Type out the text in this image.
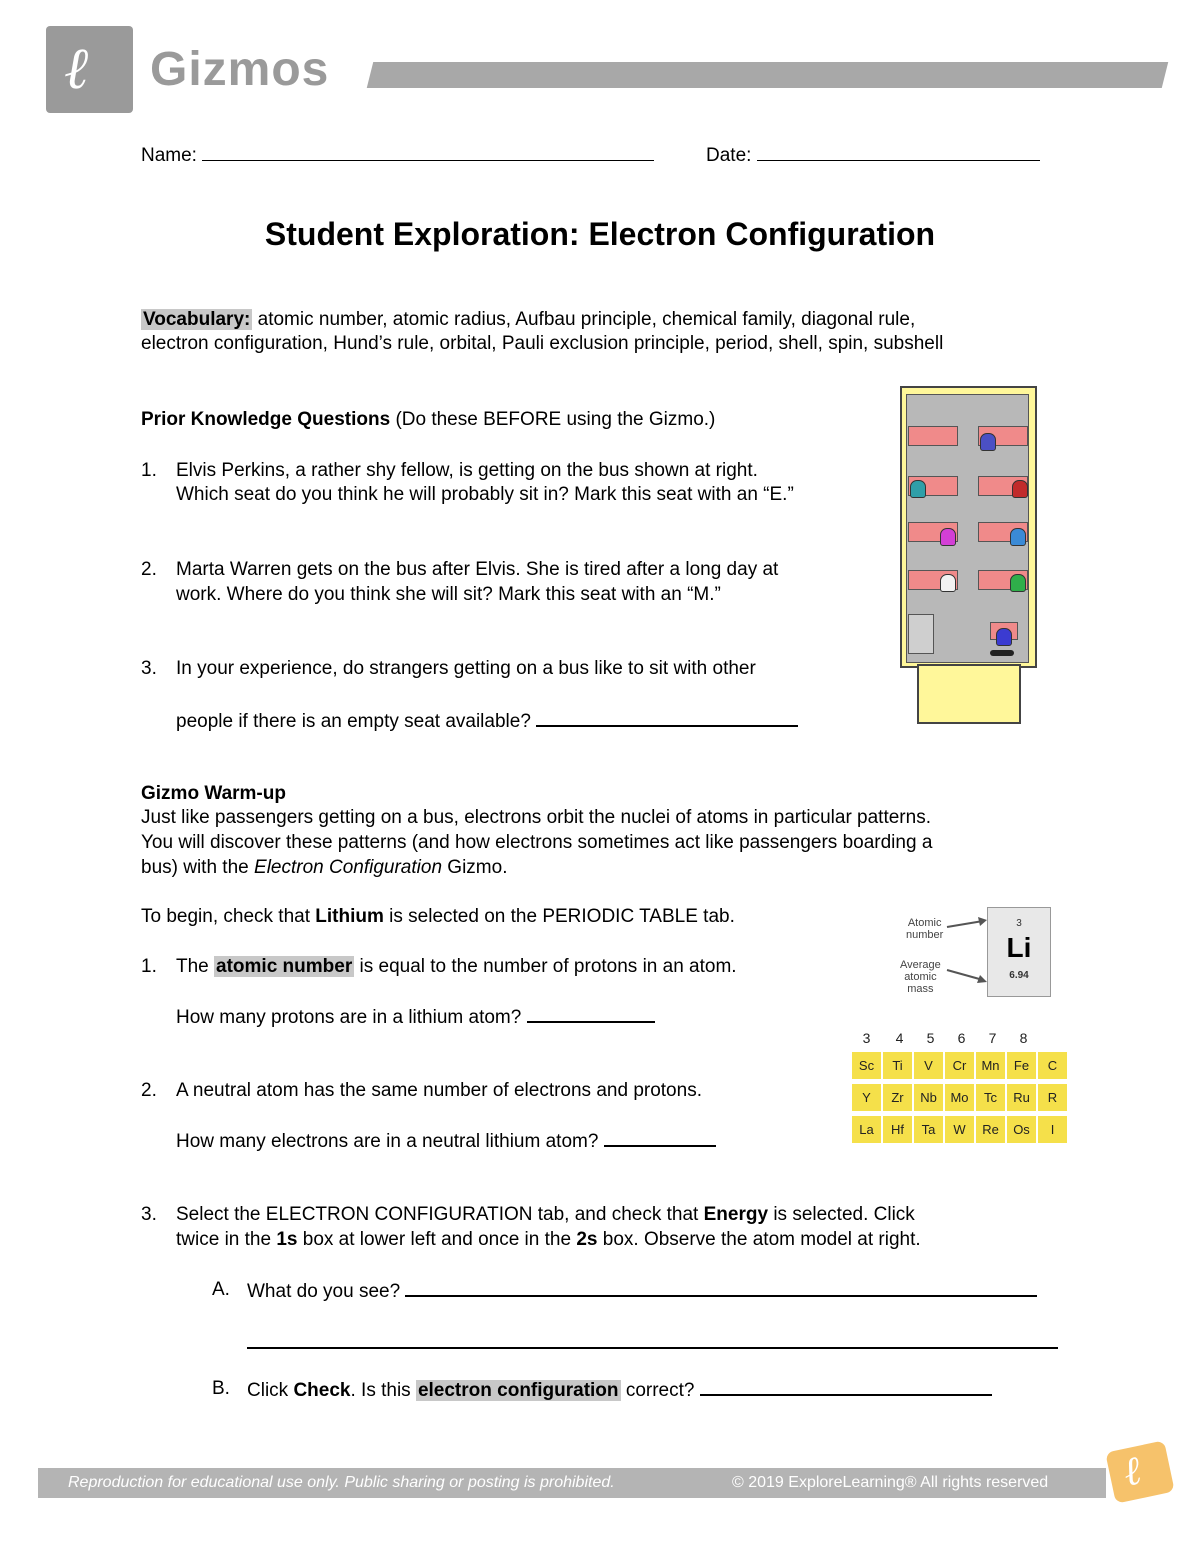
ℓ Gizmos
Name:	Date:
Student Exploration: Electron Configuration
Vocabulary: atomic number, atomic radius, Aufbau principle, chemical family, diagonal rule,
electron configuration, Hund’s rule, orbital, Pauli exclusion principle, period, shell, spin, subshell
Prior Knowledge Questions (Do these BEFORE using the Gizmo.)
1. Elvis Perkins, a rather shy fellow, is getting on the bus shown at right.
Which seat do you think he will probably sit in? Mark this seat with an “E.”
2. Marta Warren gets on the bus after Elvis. She is tired after a long day at
work. Where do you think she will sit? Mark this seat with an “M.”
3. In your experience, do strangers getting on a bus like to sit with other
people if there is an empty seat available?
Gizmo Warm-up
Just like passengers getting on a bus, electrons orbit the nuclei of atoms in particular patterns.
You will discover these patterns (and how electrons sometimes act like passengers boarding a
bus) with the Electron Configuration Gizmo.
To begin, check that Lithium is selected on the PERIODIC TABLE tab.
1. The atomic number is equal to the number of protons in an atom.
How many protons are in a lithium atom?
2. A neutral atom has the same number of electrons and protons.
How many electrons are in a neutral lithium atom?
3. Select the ELECTRON CONFIGURATION tab, and check that Energy is selected. Click
twice in the 1s box at lower left and once in the 2s box. Observe the atom model at right.
A. What do you see?
B. Click Check. Is this electron configuration correct?
Atomic
number
Average
atomic
mass
3
Li
6.94
3	4	5	6	7	8
Sc	Ti	V	Cr	Mn	Fe	C
Y	Zr	Nb	Mo	Tc	Ru	R
La	Hf	Ta	W	Re	Os	I
Reproduction for educational use only. Public sharing or posting is prohibited.	© 2019 ExploreLearning® All rights reserved ℓ
